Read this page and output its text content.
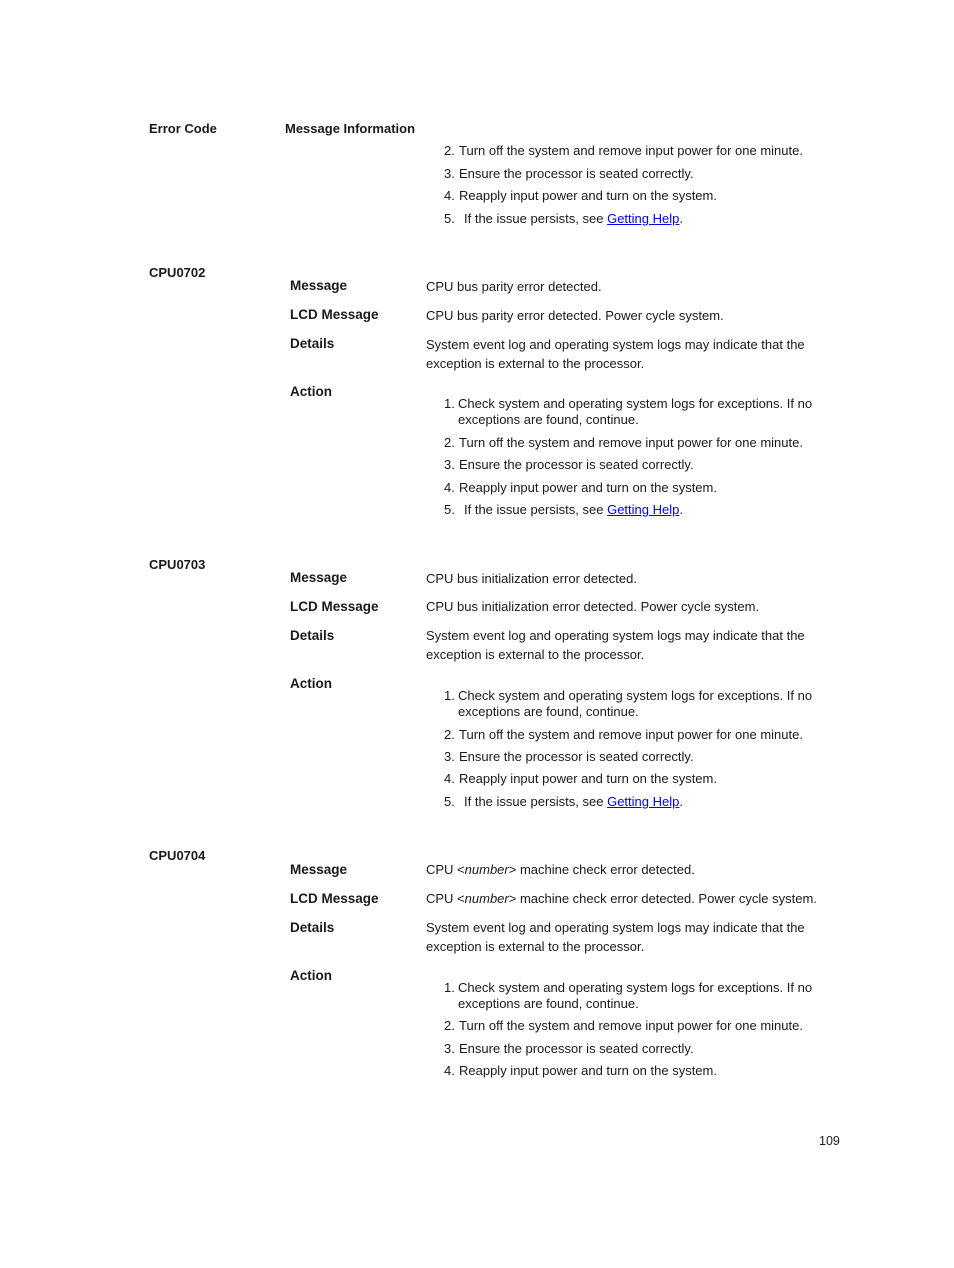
Error Code	Message Information
2. Turn off the system and remove input power for one minute.
3. Ensure the processor is seated correctly.
4. Reapply input power and turn on the system.
5. If the issue persists, see Getting Help.
CPU0702
Message	CPU bus parity error detected.
LCD Message	CPU bus parity error detected. Power cycle system.
Details	System event log and operating system logs may indicate that the exception is external to the processor.
Action
1. Check system and operating system logs for exceptions. If no exceptions are found, continue.
2. Turn off the system and remove input power for one minute.
3. Ensure the processor is seated correctly.
4. Reapply input power and turn on the system.
5. If the issue persists, see Getting Help.
CPU0703
Message	CPU bus initialization error detected.
LCD Message	CPU bus initialization error detected. Power cycle system.
Details	System event log and operating system logs may indicate that the exception is external to the processor.
Action
1. Check system and operating system logs for exceptions. If no exceptions are found, continue.
2. Turn off the system and remove input power for one minute.
3. Ensure the processor is seated correctly.
4. Reapply input power and turn on the system.
5. If the issue persists, see Getting Help.
CPU0704
Message	CPU <number> machine check error detected.
LCD Message	CPU <number> machine check error detected. Power cycle system.
Details	System event log and operating system logs may indicate that the exception is external to the processor.
Action
1. Check system and operating system logs for exceptions. If no exceptions are found, continue.
2. Turn off the system and remove input power for one minute.
3. Ensure the processor is seated correctly.
4. Reapply input power and turn on the system.
109
